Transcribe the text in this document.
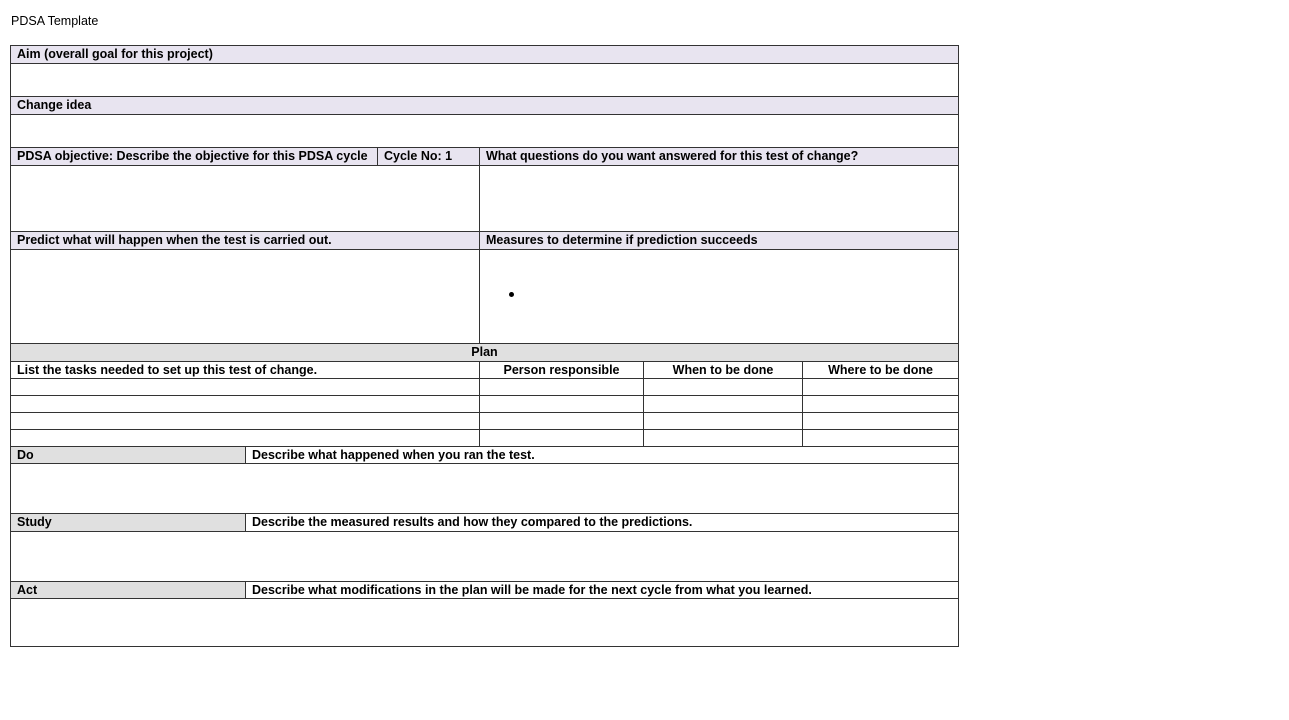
PDSA Template
Aim (overall goal for this project)
Change idea
PDSA objective: Describe the objective for this PDSA cycle	Cycle No: 1	What questions do you want answered for this test of change?
Predict what will happen when the test is carried out.	Measures to determine if prediction succeeds
Plan
List the tasks needed to set up this test of change.	Person responsible	When to be done	Where to be done
Do	Describe what happened when you ran the test.
Study	Describe the measured results and how they compared to the predictions.
Act	Describe what modifications in the plan will be made for the next cycle from what you learned.
